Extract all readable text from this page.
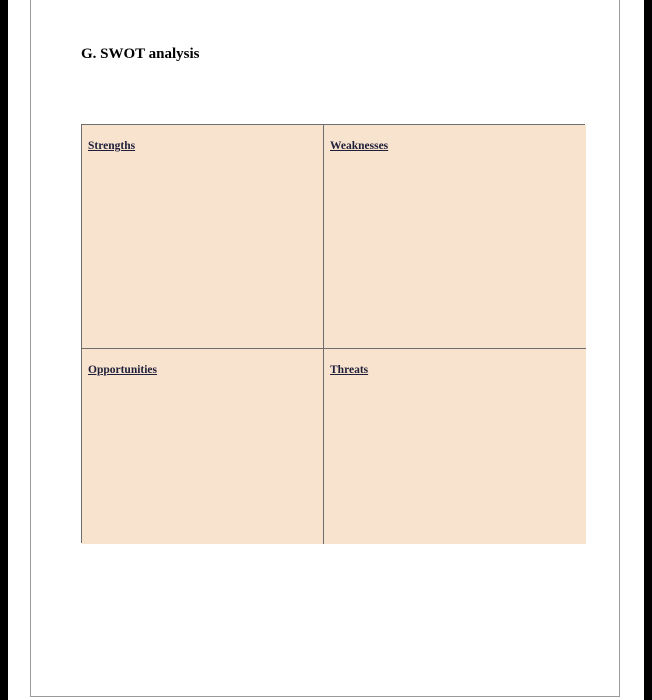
G. SWOT analysis
Strengths	Weaknesses
Opportunities	Threats
